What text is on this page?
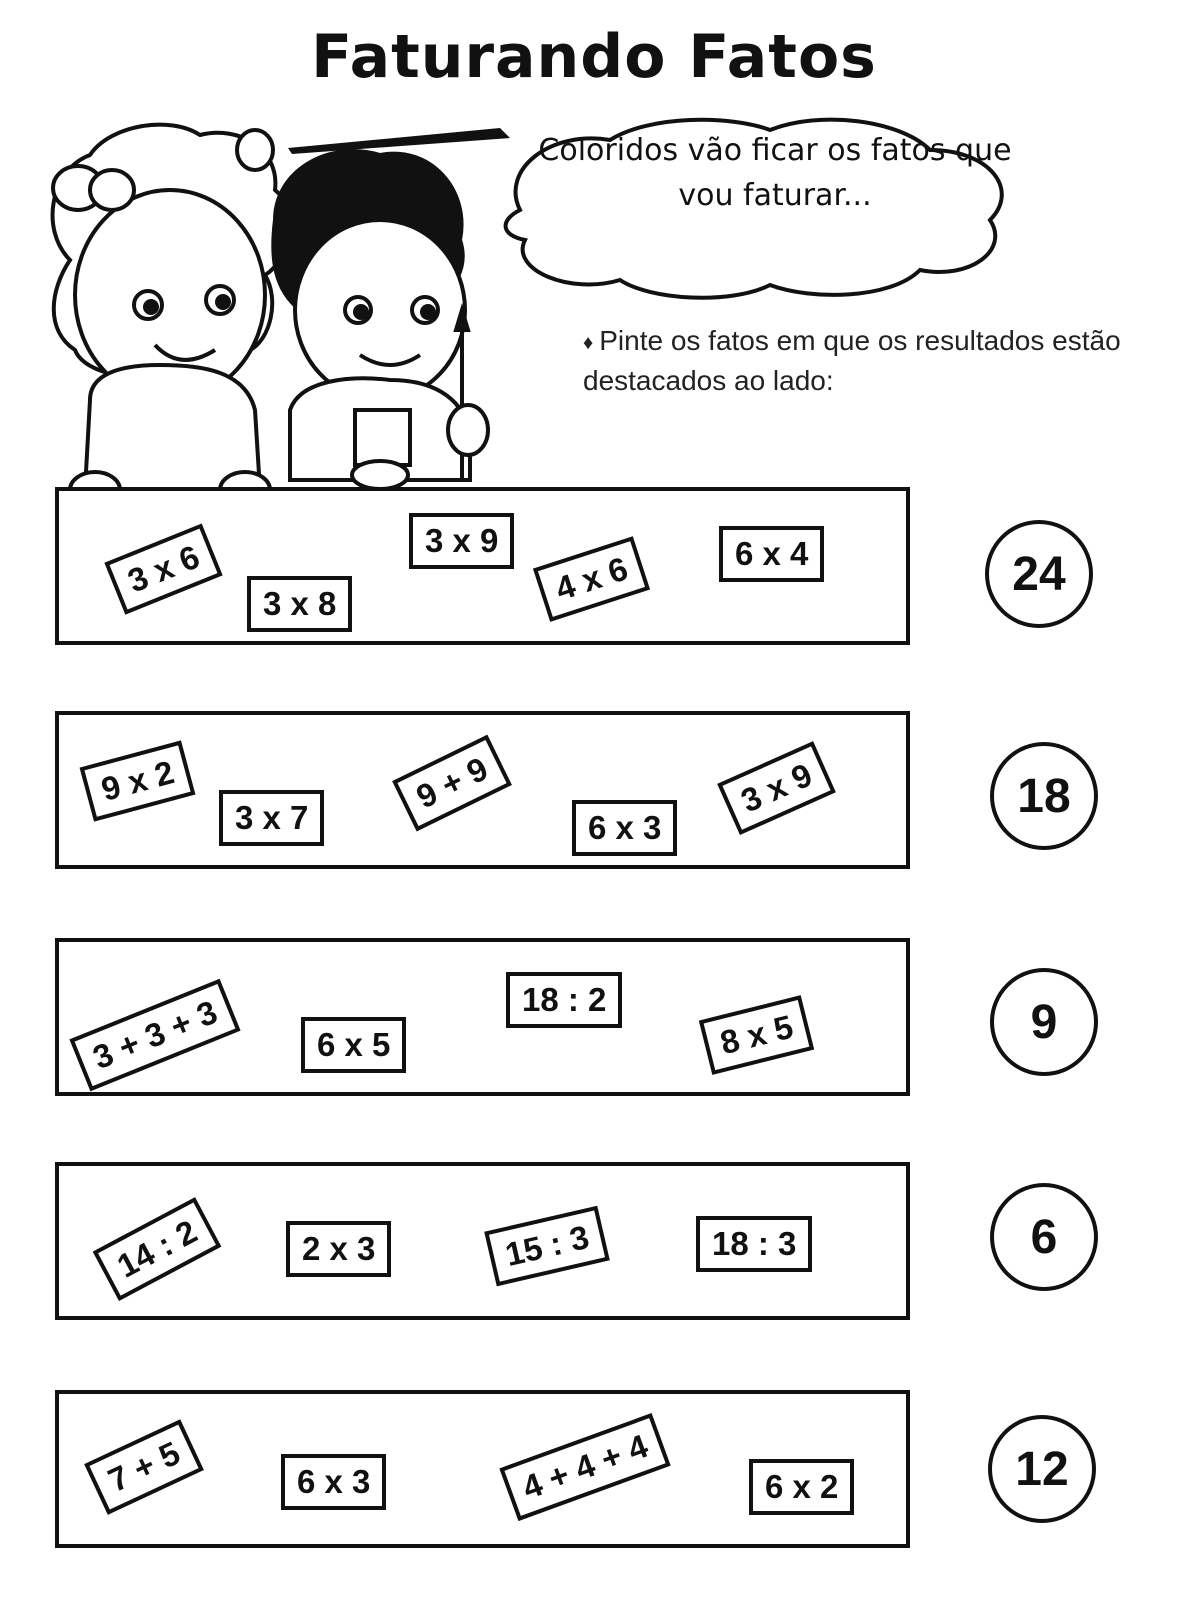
Faturando Fatos
Coloridos vão ficar os fatos que vou faturar...
♦ Pinte os fatos em que os resultados estão destacados ao lado:
3 x 6
3 x 8
3 x 9
4 x 6	6 x 4	24
9 x 2
3 x 7
9 + 9
6 x 3
3 x 9	18
3 + 3 + 3	6 x 5
18 : 2
8 x 5	9
14 : 2	2 x 3	15 : 3	18 : 3	6
7 + 5	6 x 3	4 + 4 + 4	6 x 2	12
